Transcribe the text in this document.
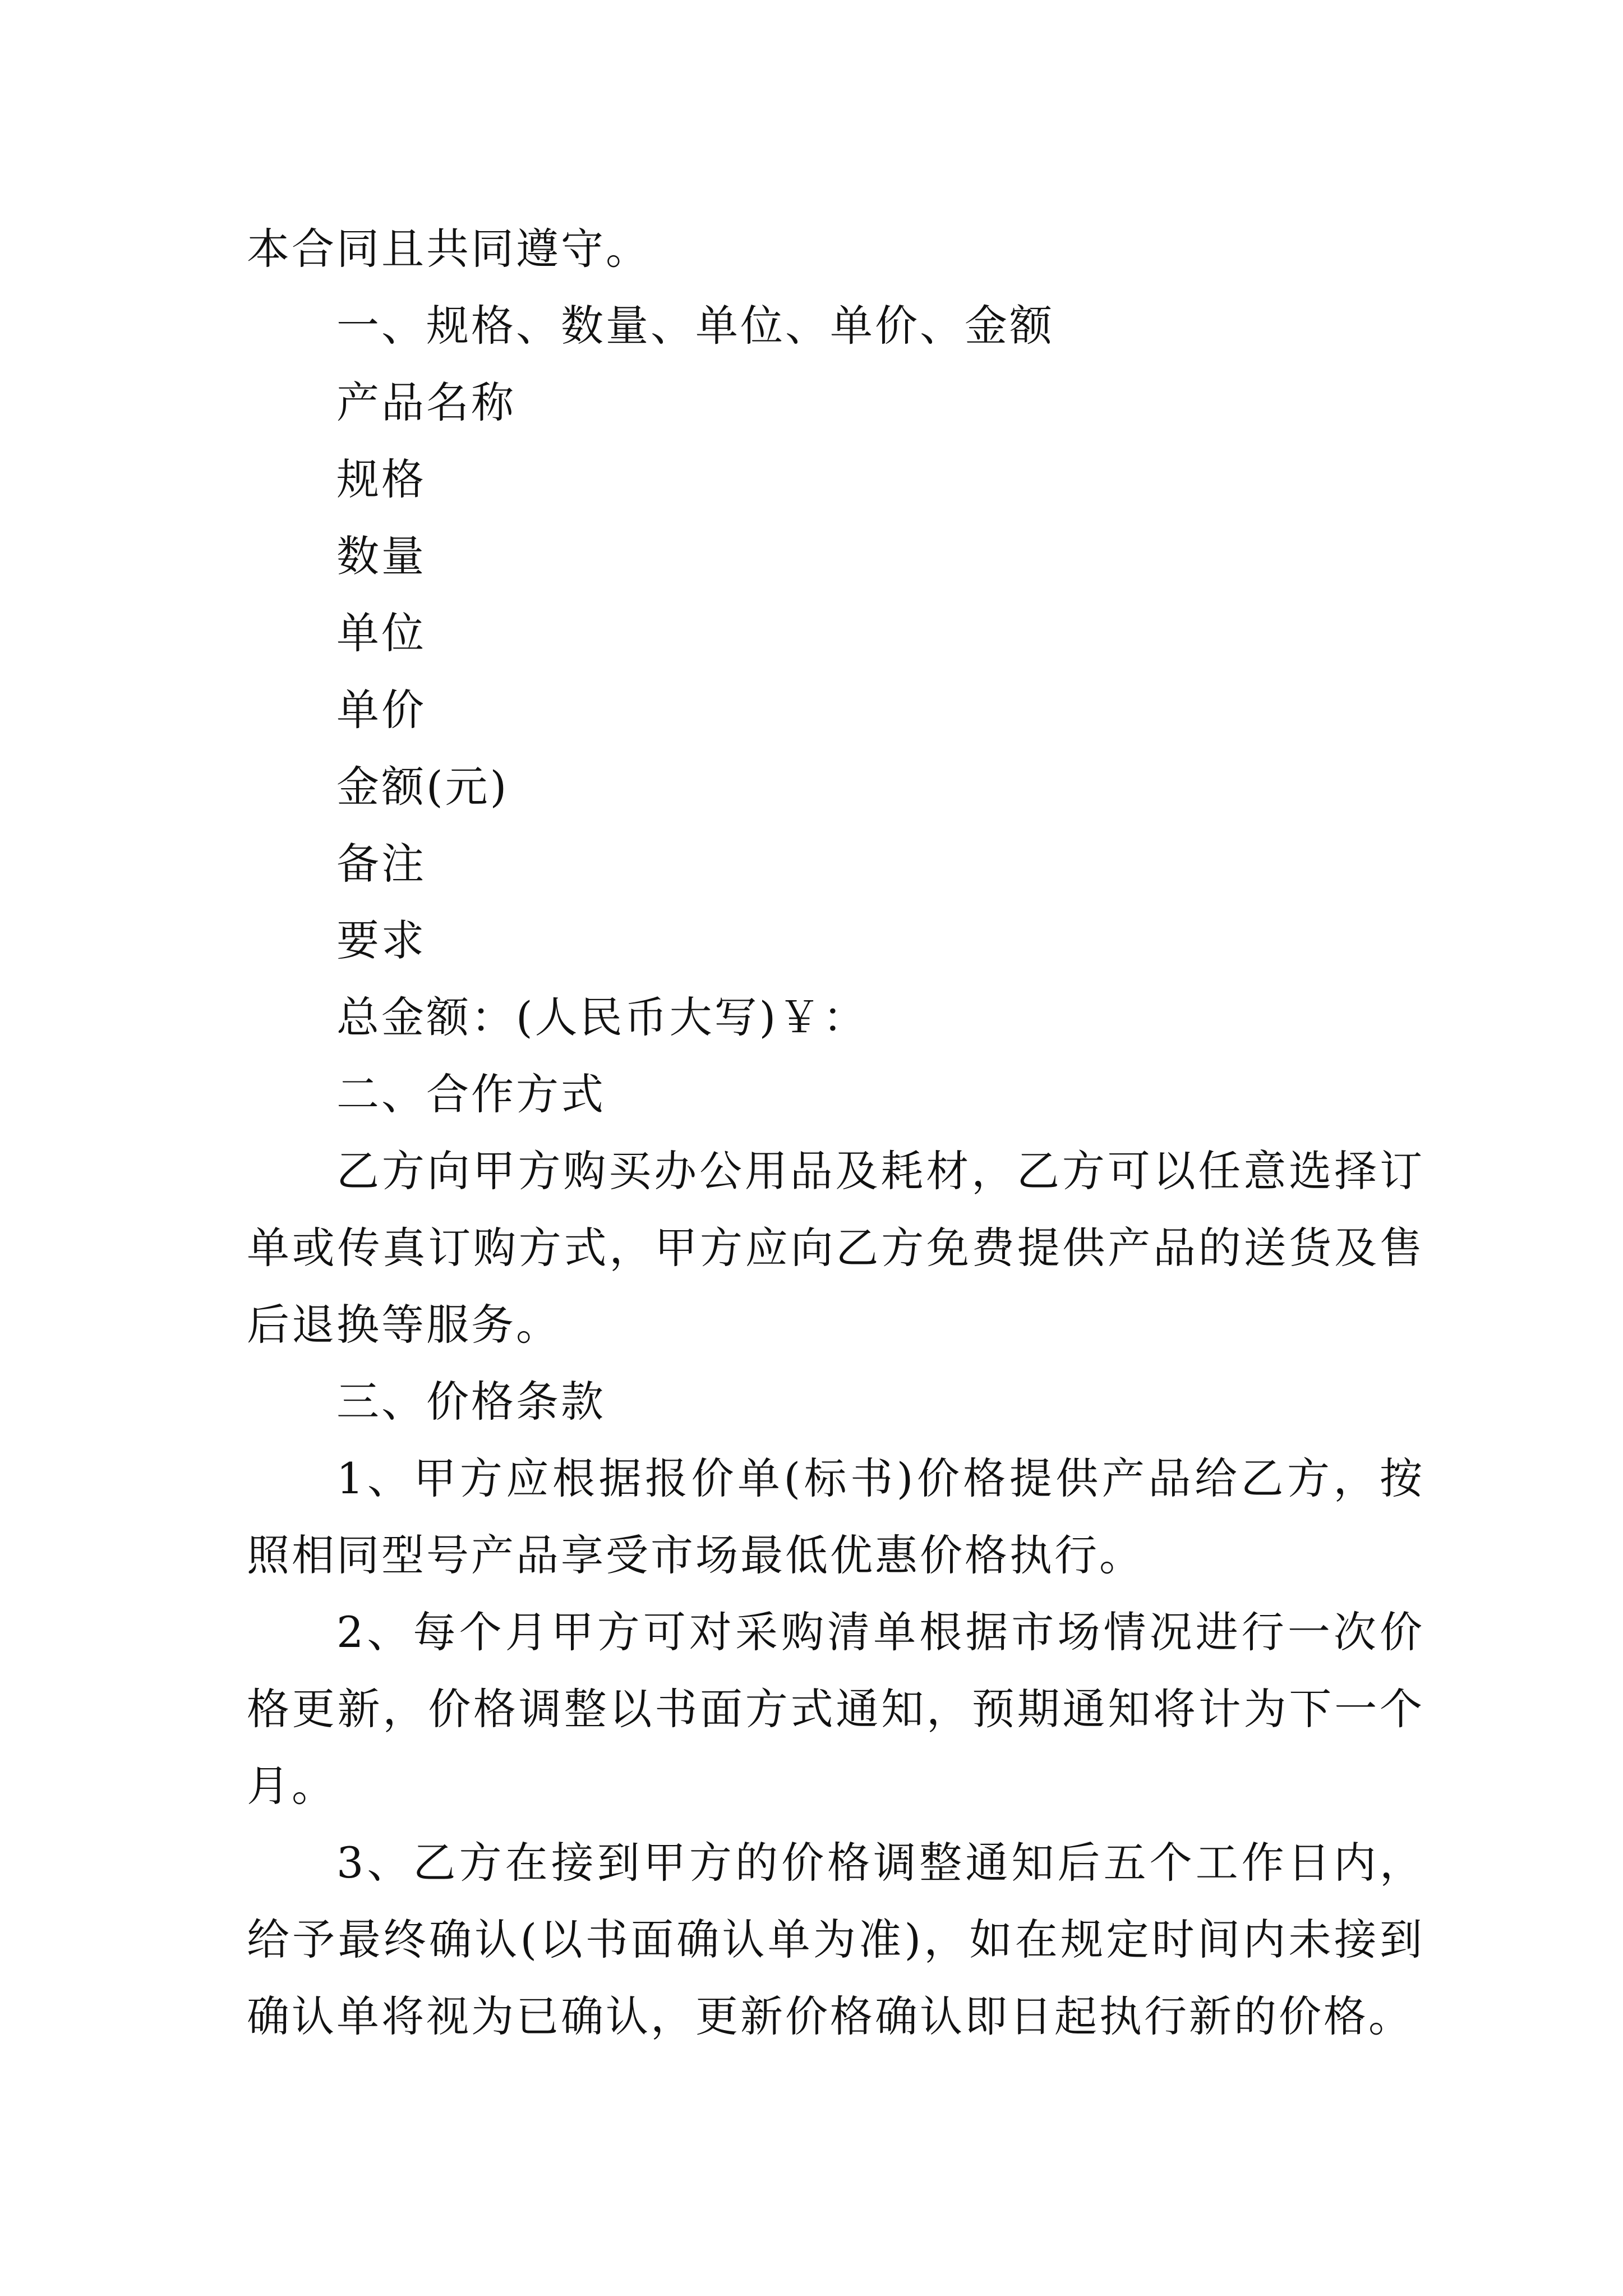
本合同且共同遵守。

一、规格、数量、单位、单价、金额

产品名称

规格

数量

单位

单价

金额(元)

备注

要求

总金额：(人民币大写)￥：

二、合作方式

乙方向甲方购买办公用品及耗材，乙方可以任意选择订单或传真订购方式，甲方应向乙方免费提供产品的送货及售后退换等服务。

三、价格条款

1、甲方应根据报价单(标书)价格提供产品给乙方，按照相同型号产品享受市场最低优惠价格执行。

2、每个月甲方可对采购清单根据市场情况进行一次价格更新，价格调整以书面方式通知，预期通知将计为下一个月。

3、乙方在接到甲方的价格调整通知后五个工作日内，给予最终确认(以书面确认单为准)，如在规定时间内未接到确认单将视为已确认，更新价格确认即日起执行新的价格。
